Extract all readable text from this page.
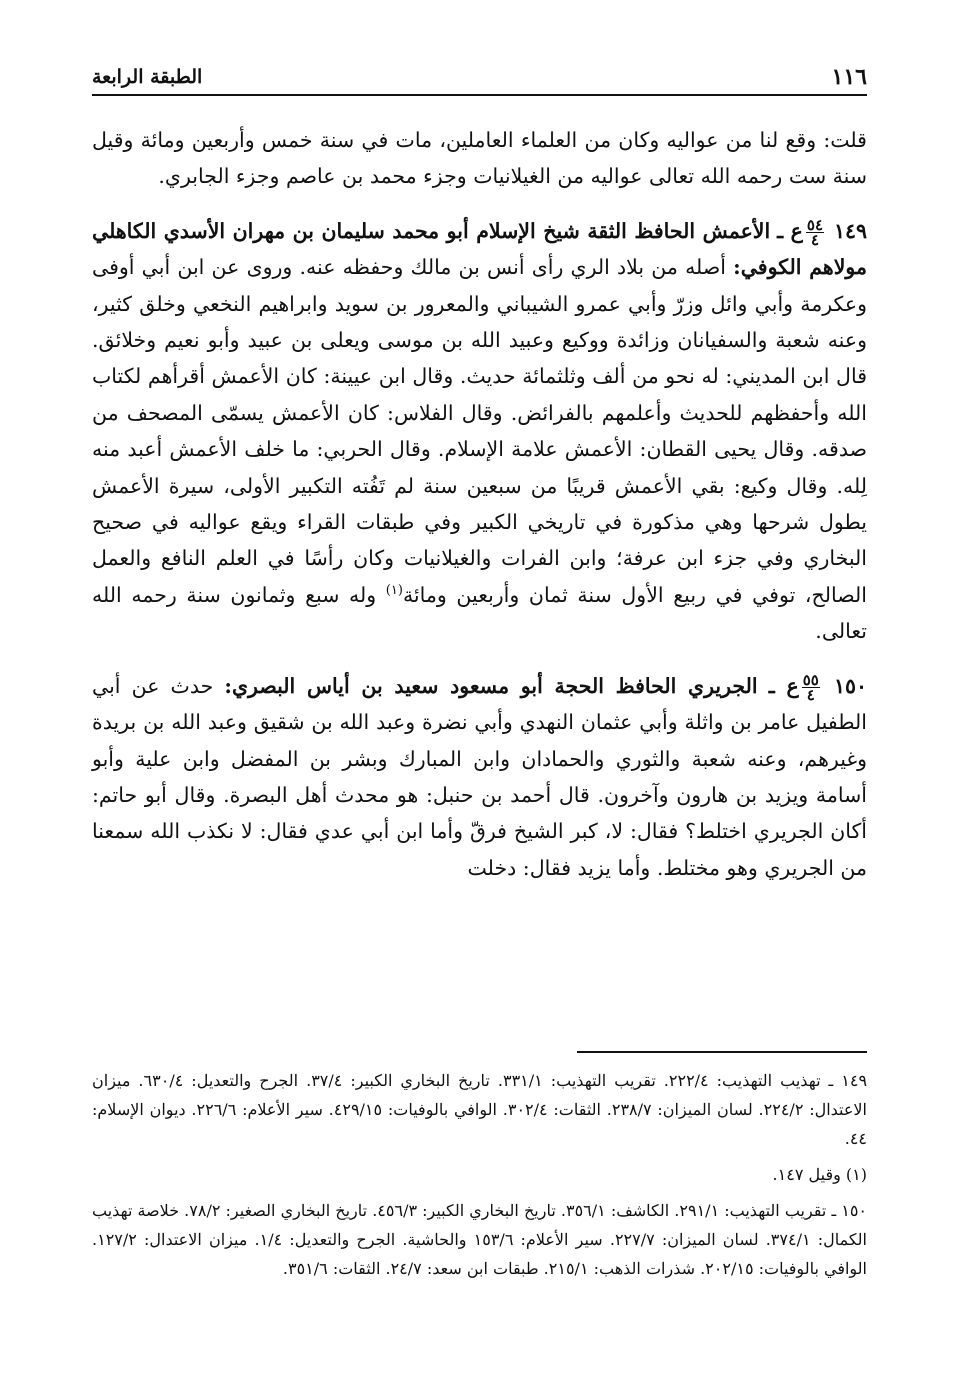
١١٦
الطبقة الرابعة

قلت: وقع لنا من عواليه وكان من العلماء العاملين، مات في سنة خمس وأربعين ومائة وقيل سنة ست رحمه الله تعالى عواليه من الغيلانيات وجزء محمد بن عاصم وجزء الجابري.

١٤٩
$\frac{٥٤}{٤}$
ع ـ الأعمش الحافظ الثقة شيخ الإسلام أبو محمد سليمان بن مهران الأسدي الكاهلي مولاهم الكوفي: أصله من بلاد الري رأى أنس بن مالك وحفظه عنه. وروى عن ابن أبي أوفى وعكرمة وأبي وائل وزرّ وأبي عمرو الشيباني والمعرور بن سويد وابراهيم النخعي وخلق كثير، وعنه شعبة والسفيانان وزائدة ووكيع وعبيد الله بن موسى ويعلى بن عبيد وأبو نعيم وخلائق. قال ابن المديني: له نحو من ألف وثلثمائة حديث. وقال ابن عيينة: كان الأعمش أقرأهم لكتاب الله وأحفظهم للحديث وأعلمهم بالفرائض. وقال الفلاس: كان الأعمش يسمّى المصحف من صدقه. وقال يحيى القطان: الأعمش علامة الإسلام. وقال الحربي: ما خلف الأعمش أعبد منه لِله. وقال وكيع: بقي الأعمش قريبًا من سبعين سنة لم تَفُته التكبير الأولى، سيرة الأعمش يطول شرحها وهي مذكورة في تاريخي الكبير وفي طبقات القراء ويقع عواليه في صحيح البخاري وفي جزء ابن عرفة؛ وابن الفرات والغيلانيات وكان رأسًا في العلم النافع والعمل الصالح، توفي في ربيع الأول سنة ثمان وأربعين ومائة$^{(١)}$ وله سبع وثمانون سنة رحمه الله تعالى.

١٥٠
$\frac{٥٥}{٤}$
ع ـ الجريري الحافظ الحجة أبو مسعود سعيد بن أياس البصري: حدث عن أبي الطفيل عامر بن واثلة وأبي عثمان النهدي وأبي نضرة وعبد الله بن شقيق وعبد الله بن بريدة وغيرهم، وعنه شعبة والثوري والحمادان وابن المبارك وبشر بن المفضل وابن علية وأبو أسامة ويزيد بن هارون وآخرون. قال أحمد بن حنبل: هو محدث أهل البصرة. وقال أبو حاتم: أكان الجريري اختلط؟ فقال: لا، كبر الشيخ فرقّ وأما ابن أبي عدي فقال: لا نكذب الله سمعنا من الجريري وهو مختلط. وأما يزيد فقال: دخلت

١٤٩ ـ تهذيب التهذيب: ٢٢٢/٤. تقريب التهذيب: ٣٣١/١. تاريخ البخاري الكبير: ٣٧/٤. الجرح والتعديل: ٦٣٠/٤. ميزان الاعتدال: ٢٢٤/٢. لسان الميزان: ٢٣٨/٧. الثقات: ٣٠٢/٤. الوافي بالوفيات: ٤٢٩/١٥. سير الأعلام: ٢٢٦/٦. ديوان الإسلام: ٤٤.

(١) وقيل ١٤٧.

١٥٠ ـ تقريب التهذيب: ٢٩١/١. الكاشف: ٣٥٦/١. تاريخ البخاري الكبير: ٤٥٦/٣. تاريخ البخاري الصغير: ٧٨/٢. خلاصة تهذيب الكمال: ٣٧٤/١. لسان الميزان: ٢٢٧/٧. سير الأعلام: ١٥٣/٦ والحاشية. الجرح والتعديل: ١/٤. ميزان الاعتدال: ١٢٧/٢. الوافي بالوفيات: ٢٠٢/١٥. شذرات الذهب: ٢١٥/١. طبقات ابن سعد: ٢٤/٧. الثقات: ٣٥١/٦.
